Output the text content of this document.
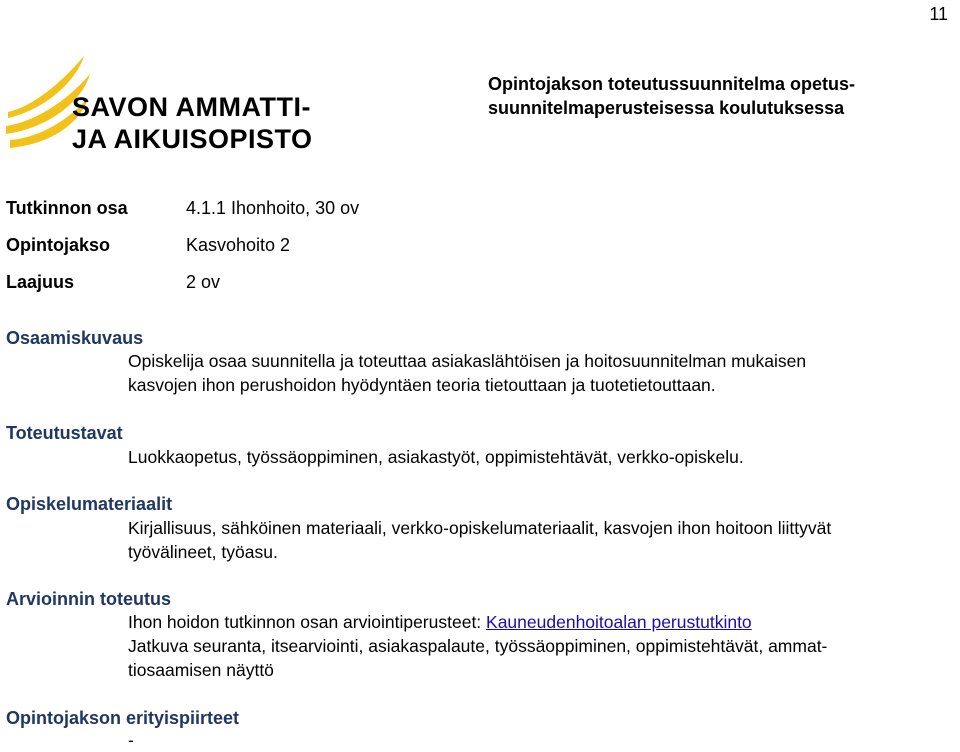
11
SAVON AMMATTI-
JA AIKUISOPISTO
Opintojakson toteutussuunnitelma opetus-
suunnitelmaperusteisessa koulutuksessa
Tutkinnon osa	4.1.1 Ihonhoito, 30 ov
Opintojakso	Kasvohoito 2
Laajuus	2 ov
Osaamiskuvaus
Opiskelija osaa suunnitella ja toteuttaa asiakaslähtöisen ja hoitosuunnitelman mukaisen
kasvojen ihon perushoidon hyödyntäen teoria tietouttaan ja tuotetietouttaan.
Toteutustavat
Luokkaopetus, työssäoppiminen, asiakastyöt, oppimistehtävät, verkko-opiskelu.
Opiskelumateriaalit
Kirjallisuus, sähköinen materiaali, verkko-opiskelumateriaalit, kasvojen ihon hoitoon liittyvät
työvälineet, työasu.
Arvioinnin toteutus
Ihon hoidon tutkinnon osan arviointiperusteet: Kauneudenhoitoalan perustutkinto
Jatkuva seuranta, itsearviointi, asiakaspalaute, työssäoppiminen, oppimistehtävät, ammat-
tiosaamisen näyttö
Opintojakson erityispiirteet
-
